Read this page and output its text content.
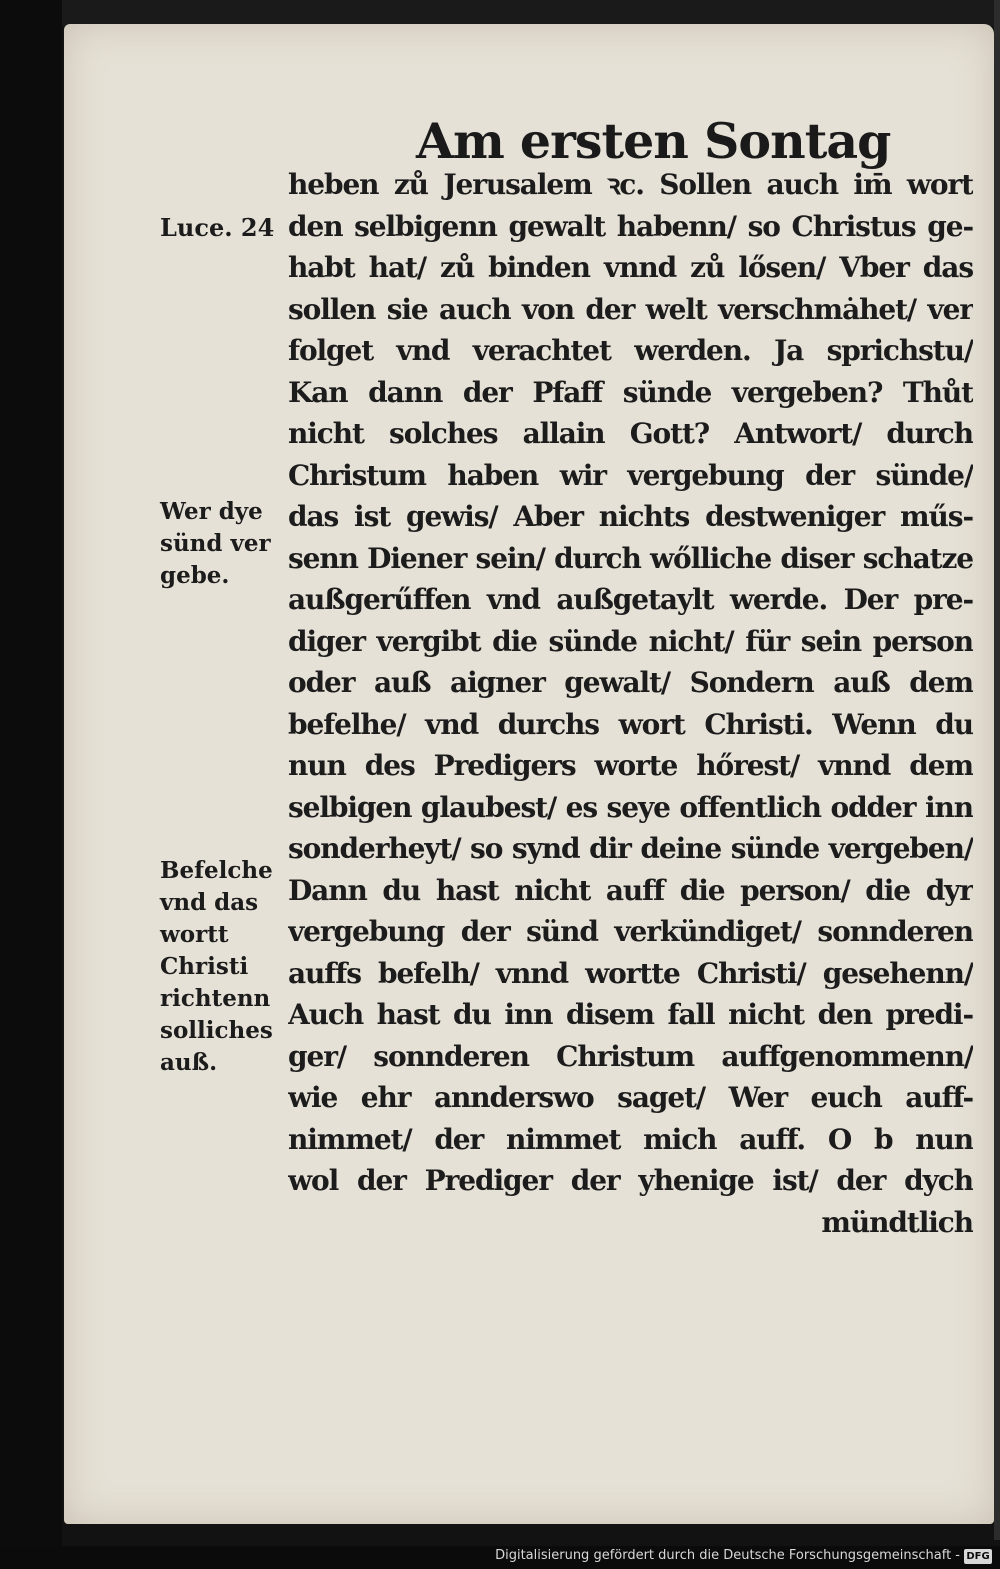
Am ersten Sontag
Luce. 24
Wer dye
sünd ver
gebe.
Befelche
vnd das
wortt
Christi
richtenn
solliches
auß.
heben zů Jerusalem ꝛc. Sollen auch im̄ wort
den selbigenn gewalt habenn/ so Christus ge-
habt hat/ zů binden vnnd zů lősen/ Vber das
sollen sie auch von der welt verschmȧhet/ ver
folget vnd verachtet werden. Ja sprichstu/
Kan dann der Pfaff sünde vergeben? Thůt
nicht solches allain Gott? Antwort/ durch
Christum haben wir vergebung der sünde/
das ist gewis/ Aber nichts destweniger műs-
senn Diener sein/ durch wőlliche diser schatze
außgerűffen vnd außgetaylt werde. Der pre-
diger vergibt die sünde nicht/ für sein person
oder auß aigner gewalt/ Sondern auß dem
befelhe/ vnd durchs wort Christi. Wenn du
nun des Predigers worte hőrest/ vnnd dem
selbigen glaubest/ es seye offentlich odder inn
sonderheyt/ so synd dir deine sünde vergeben/
Dann du hast nicht auff die person/ die dyr
vergebung der sünd verkündiget/ sonnderen
auffs befelh/ vnnd wortte Christi/ gesehenn/
Auch hast du inn disem fall nicht den predi-
ger/ sonnderen Christum auffgenommenn/
wie ehr annderswo saget/ Wer euch auff-
nimmet/ der nimmet mich auff. O b nun
wol der Prediger der yhenige ist/ der dych
mündtlich
Digitalisierung gefördert durch die Deutsche Forschungsgemeinschaft - DFG
